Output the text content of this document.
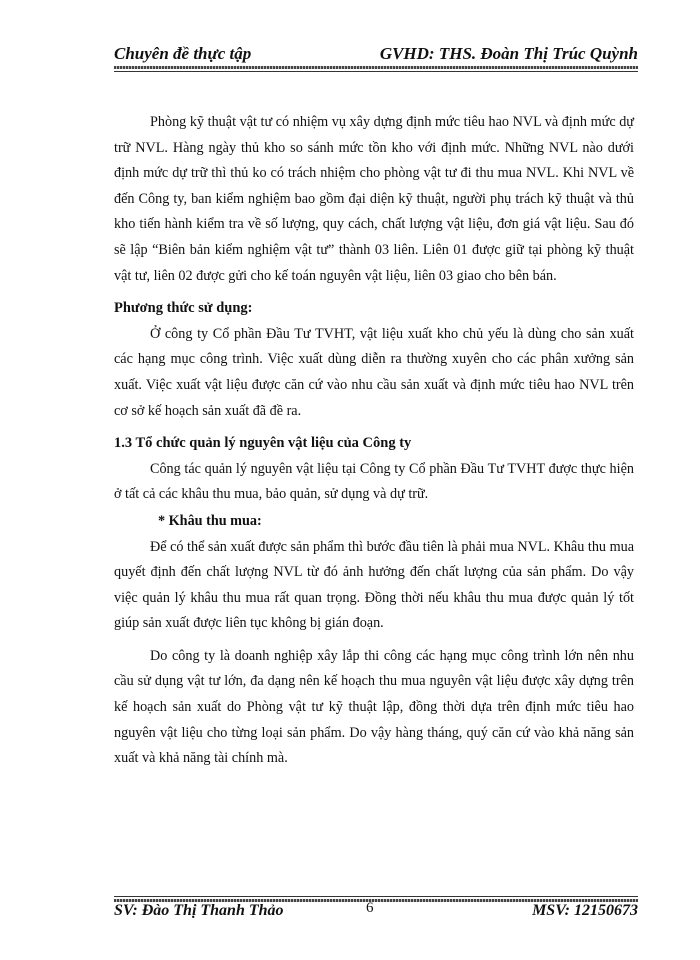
Chuyên đề thực tập	GVHD: THS. Đoàn Thị Trúc Quỳnh

Phòng kỹ thuật vật tư có nhiệm vụ xây dựng định mức tiêu hao NVL và định mức dự trữ NVL. Hàng ngày thủ kho so sánh mức tồn kho với định mức. Những NVL nào dưới định mức dự trữ thì thủ ko có trách nhiệm cho phòng vật tư đi thu mua NVL. Khi NVL về đến Công ty, ban kiểm nghiệm bao gồm đại diện kỹ thuật, người phụ trách kỹ thuật và thủ kho tiến hành kiểm tra về số lượng, quy cách, chất lượng vật liệu, đơn giá vật liệu. Sau đó sẽ lập “Biên bản kiểm nghiệm vật tư” thành 03 liên. Liên 01 được giữ tại phòng kỹ thuật vật tư, liên 02 được gửi cho kế toán nguyên vật liệu, liên 03 giao cho bên bán.

Phương thức sử dụng:

Ở công ty Cổ phần Đầu Tư TVHT, vật liệu xuất kho chủ yếu là dùng cho sản xuất các hạng mục công trình. Việc xuất dùng diễn ra thường xuyên cho các phân xưởng sản xuất. Việc xuất vật liệu được căn cứ vào nhu cầu sản xuất và định mức tiêu hao NVL trên cơ sở kế hoạch sản xuất đã đề ra.

1.3 Tổ chức quản lý nguyên vật liệu của Công ty

Công tác quản lý nguyên vật liệu tại Công ty Cổ phần Đầu Tư TVHT được thực hiện ở tất cả các khâu thu mua, bảo quản, sử dụng và dự trữ.

* Khâu thu mua:

Để có thể sản xuất được sản phẩm thì bước đầu tiên là phải mua NVL. Khâu thu mua quyết định đến chất lượng NVL từ đó ảnh hưởng đến chất lượng của sản phẩm. Do vậy việc quản lý khâu thu mua rất quan trọng. Đồng thời nếu khâu thu mua được quản lý tốt giúp sản xuất được liên tục không bị gián đoạn.

Do công ty là doanh nghiệp xây lắp thi công các hạng mục công trình lớn nên nhu cầu sử dụng vật tư lớn, đa dạng nên kế hoạch thu mua nguyên vật liệu được xây dựng trên kế hoạch sản xuất do Phòng vật tư kỹ thuật lập, đồng thời dựa trên định mức tiêu hao nguyên vật liệu cho từng loại sản phẩm. Do vậy hàng tháng, quý căn cứ vào khả năng sản xuất và khả năng tài chính mà.

SV: Đào Thị Thanh Thảo	6	MSV: 12150673
